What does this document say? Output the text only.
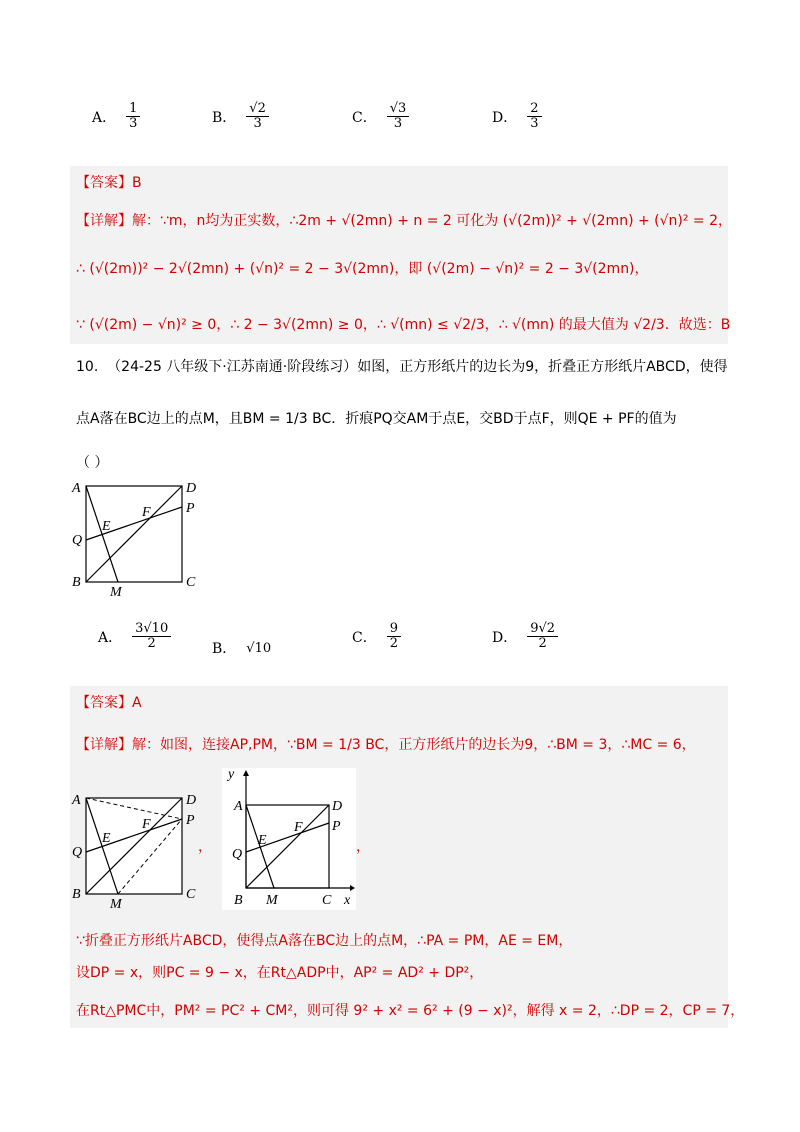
A． $\frac{1}{3}$	B． $\frac{√2}{3}$	C． $\frac{√3}{3}$	D． $\frac{2}{3}$
【答案】B
【详解】解：∵m，n均为正实数，∴2m + √(2mn) + n = 2 可化为 (√(2m))² + √(2mn) + (√n)² = 2，
∴ (√(2m))² − 2√(2mn) + (√n)² = 2 − 3√(2mn)，即 (√(2m) − √n)² = 2 − 3√(2mn)，
∵ (√(2m) − √n)² ≥ 0，∴ 2 − 3√(2mn) ≥ 0，∴ √(mn) ≤ √2/3，∴ √(mn) 的最大值为 √2/3．故选：B
10. （24-25 八年级下·江苏南通·阶段练习）如图，正方形纸片的边长为9，折叠正方形纸片ABCD，使得
点A落在BC边上的点M，且BM = 1/3 BC．折痕PQ交AM于点E，交BD于点F，则QE + PF的值为
（ ）
A	D
P
Q
E
F
B	C
M
A． $\frac{3√10}{2}$	B． √10
C． $\frac{9}{2}$	D． $\frac{9√2}{2}$
【答案】A
【详解】解：如图，连接AP,PM，∵BM = 1/3 BC，正方形纸片的边长为9，∴BM = 3，∴MC = 6，
A	D
P
Q
E
F
B	C
M
，
y
x
A	D
P
Q
E
F
B M	C
，
∵折叠正方形纸片ABCD，使得点A落在BC边上的点M，∴PA = PM，AE = EM，
设DP = x，则PC = 9 − x，在Rt△ADP中，AP² = AD² + DP²，
在Rt△PMC中，PM² = PC² + CM²，则可得 9² + x² = 6² + (9 − x)²，解得 x = 2，∴DP = 2，CP = 7，
